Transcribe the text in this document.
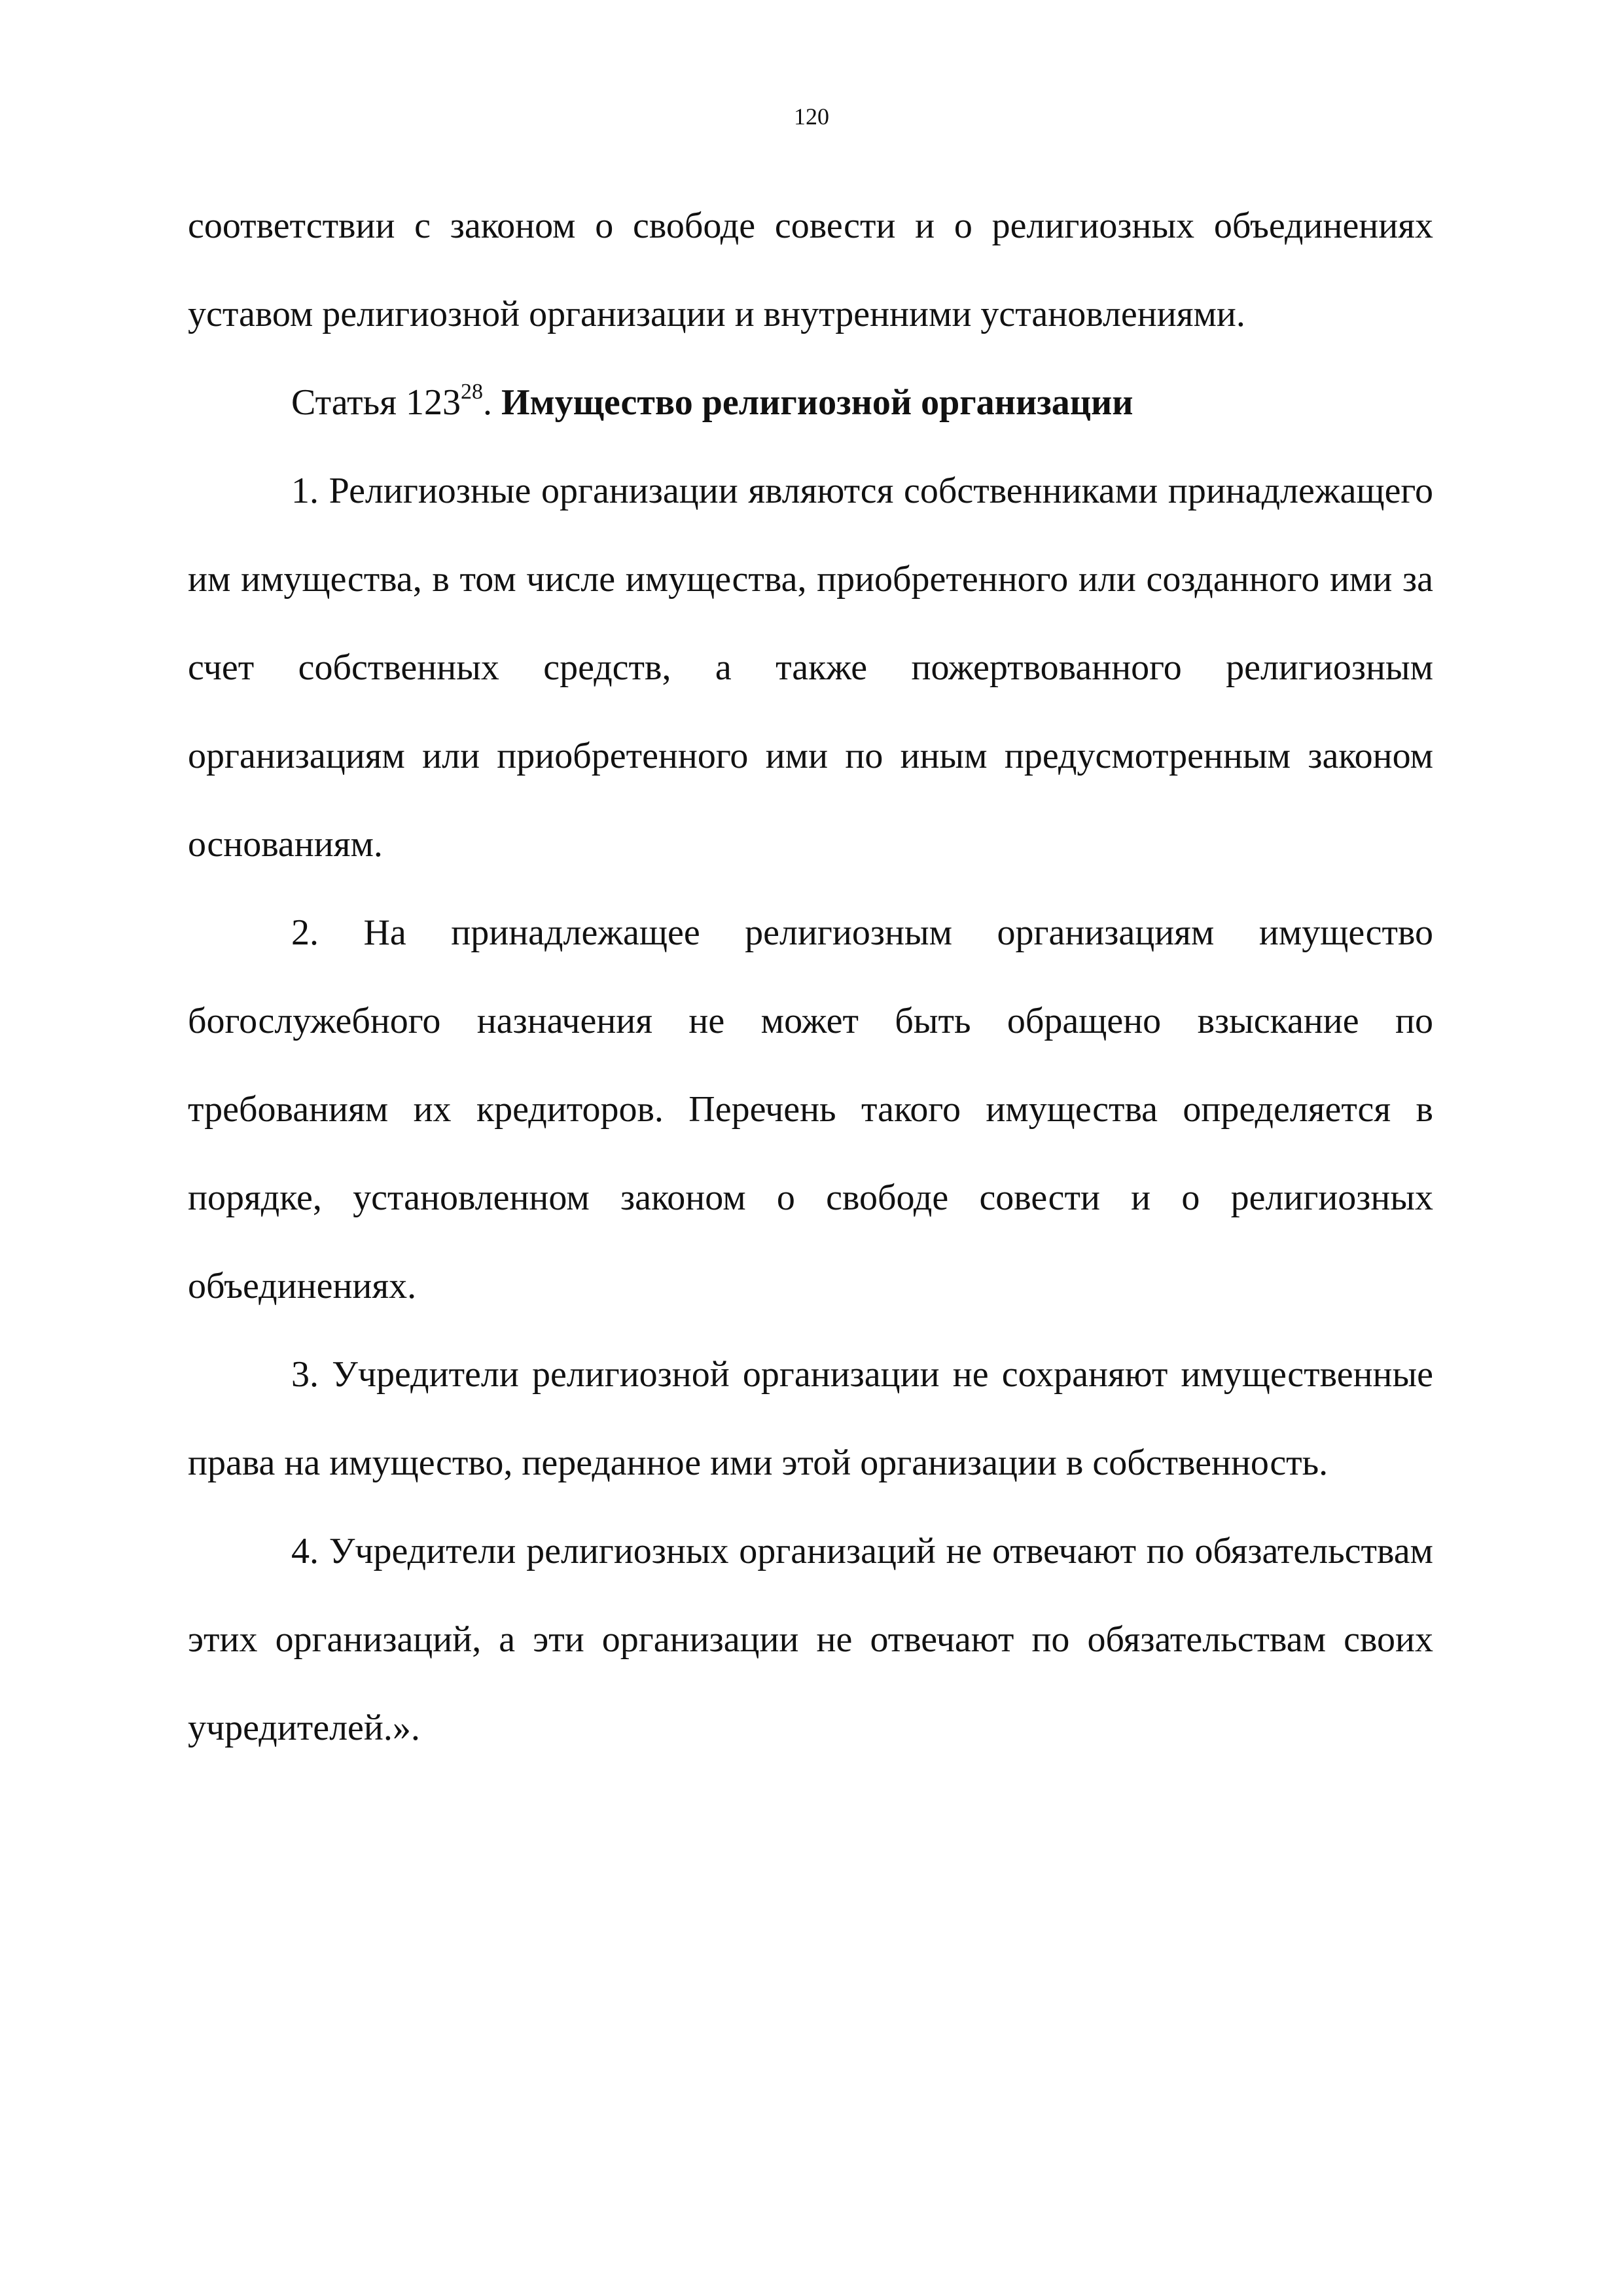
120

соответствии с законом о свободе совести и о религиозных объединениях уставом религиозной организации и внутренними установлениями.

Статья $123^{28}$. Имущество религиозной организации

1. Религиозные организации являются собственниками принадлежащего им имущества, в том числе имущества, приобретенного или созданного ими за счет собственных средств, а также пожертвованного религиозным организациям или приобретенного ими по иным предусмотренным законом основаниям.

2. На принадлежащее религиозным организациям имущество богослужебного назначения не может быть обращено взыскание по требованиям их кредиторов. Перечень такого имущества определяется в порядке, установленном законом о свободе совести и о религиозных объединениях.

3. Учредители религиозной организации не сохраняют имущественные права на имущество, переданное ими этой организации в собственность.

4. Учредители религиозных организаций не отвечают по обязательствам этих организаций, а эти организации не отвечают по обязательствам своих учредителей.».
